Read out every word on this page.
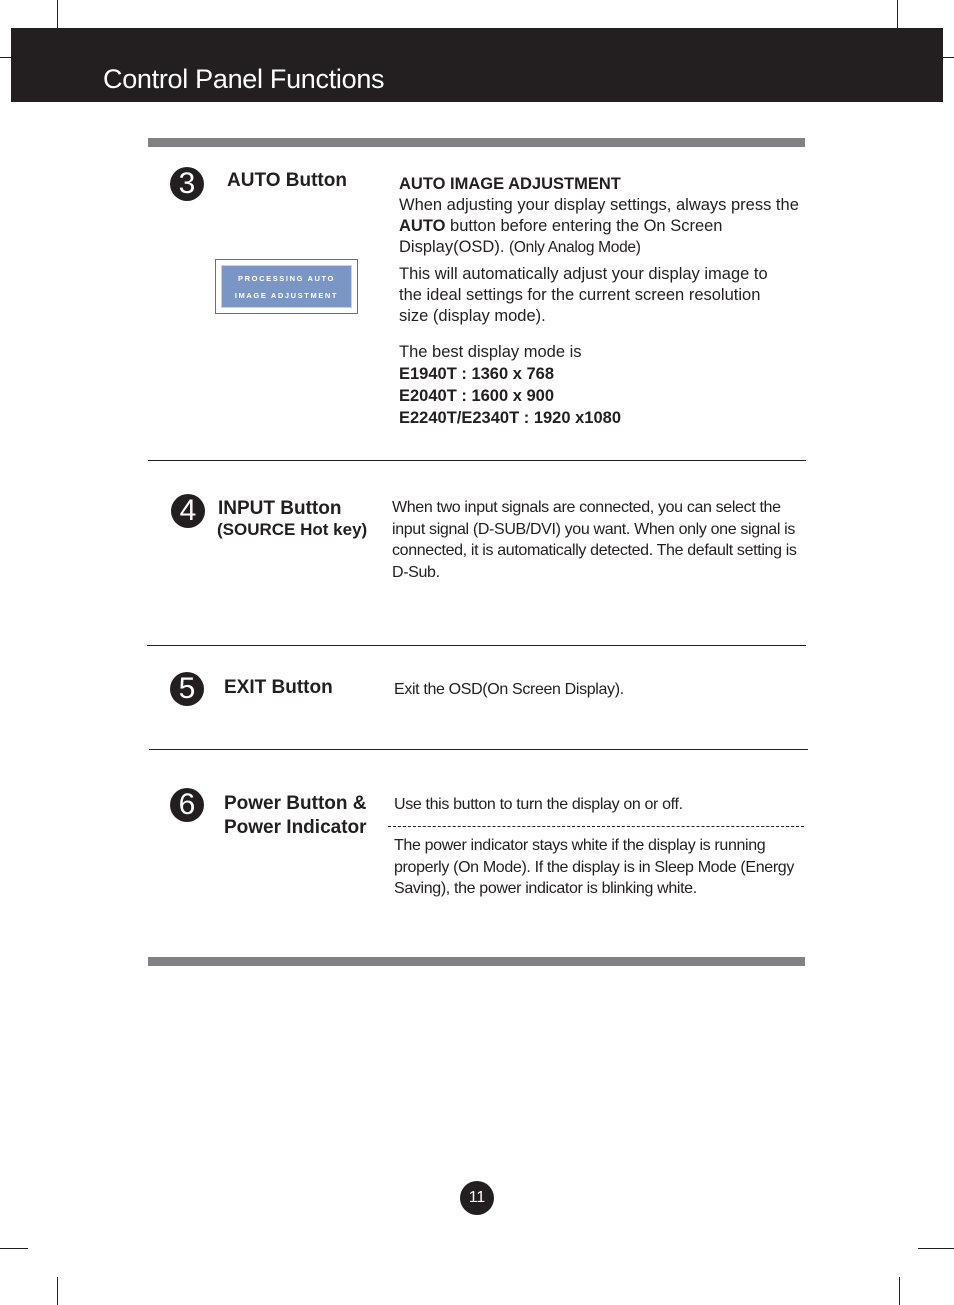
Control Panel Functions
3	AUTO Button
PROCESSING AUTO
IMAGE ADJUSTMENT
AUTO IMAGE ADJUSTMENT
When adjusting your display settings, always press the AUTO button before entering the On Screen Display(OSD). (Only Analog Mode)
This will automatically adjust your display image to the ideal settings for the current screen resolution size (display mode).
The best display mode is
E1940T : 1360 x 768
E2040T : 1600 x 900
E2240T/E2340T : 1920 x1080
4	INPUT Button
(SOURCE Hot key)
When two input signals are connected, you can select the input signal (D-SUB/DVI) you want. When only one signal is connected, it is automatically detected. The default setting is D-Sub.
5	EXIT Button	Exit the OSD(On Screen Display).
6	Power Button &
Power Indicator
Use this button to turn the display on or off.
The power indicator stays white if the display is running properly (On Mode). If the display is in Sleep Mode (Energy Saving), the power indicator is blinking white.
11
